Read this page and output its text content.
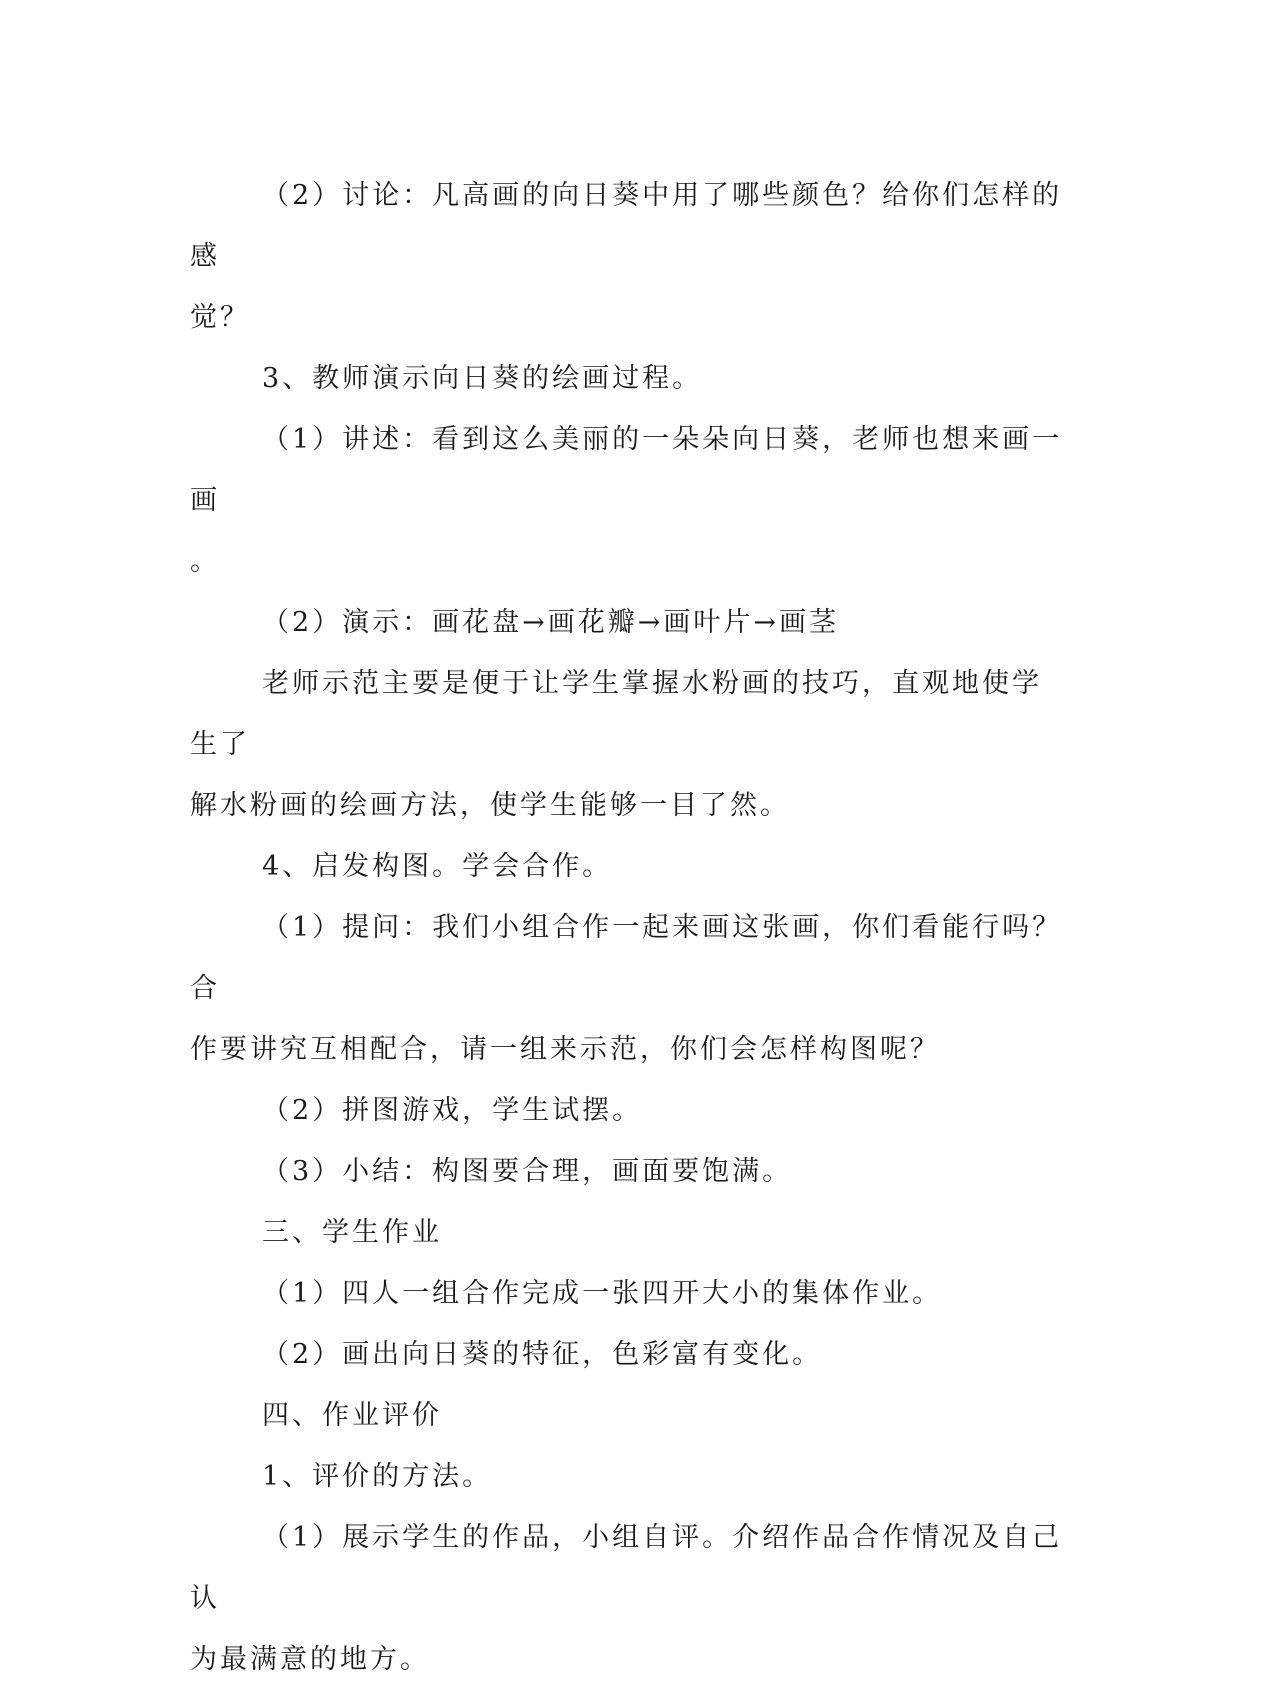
（2）讨论：凡高画的向日葵中用了哪些颜色？给你们怎样的感
觉？

3、教师演示向日葵的绘画过程。

（1）讲述：看到这么美丽的一朵朵向日葵，老师也想来画一画
。

（2）演示：画花盘→画花瓣→画叶片→画茎

老师示范主要是便于让学生掌握水粉画的技巧，直观地使学生了
解水粉画的绘画方法，使学生能够一目了然。

4、启发构图。学会合作。

（1）提问：我们小组合作一起来画这张画，你们看能行吗？合
作要讲究互相配合，请一组来示范，你们会怎样构图呢？

（2）拼图游戏，学生试摆。

（3）小结：构图要合理，画面要饱满。

三、学生作业

（1）四人一组合作完成一张四开大小的集体作业。

（2）画出向日葵的特征，色彩富有变化。

四、作业评价

1、评价的方法。

（1）展示学生的作品，小组自评。介绍作品合作情况及自己认
为最满意的地方。
